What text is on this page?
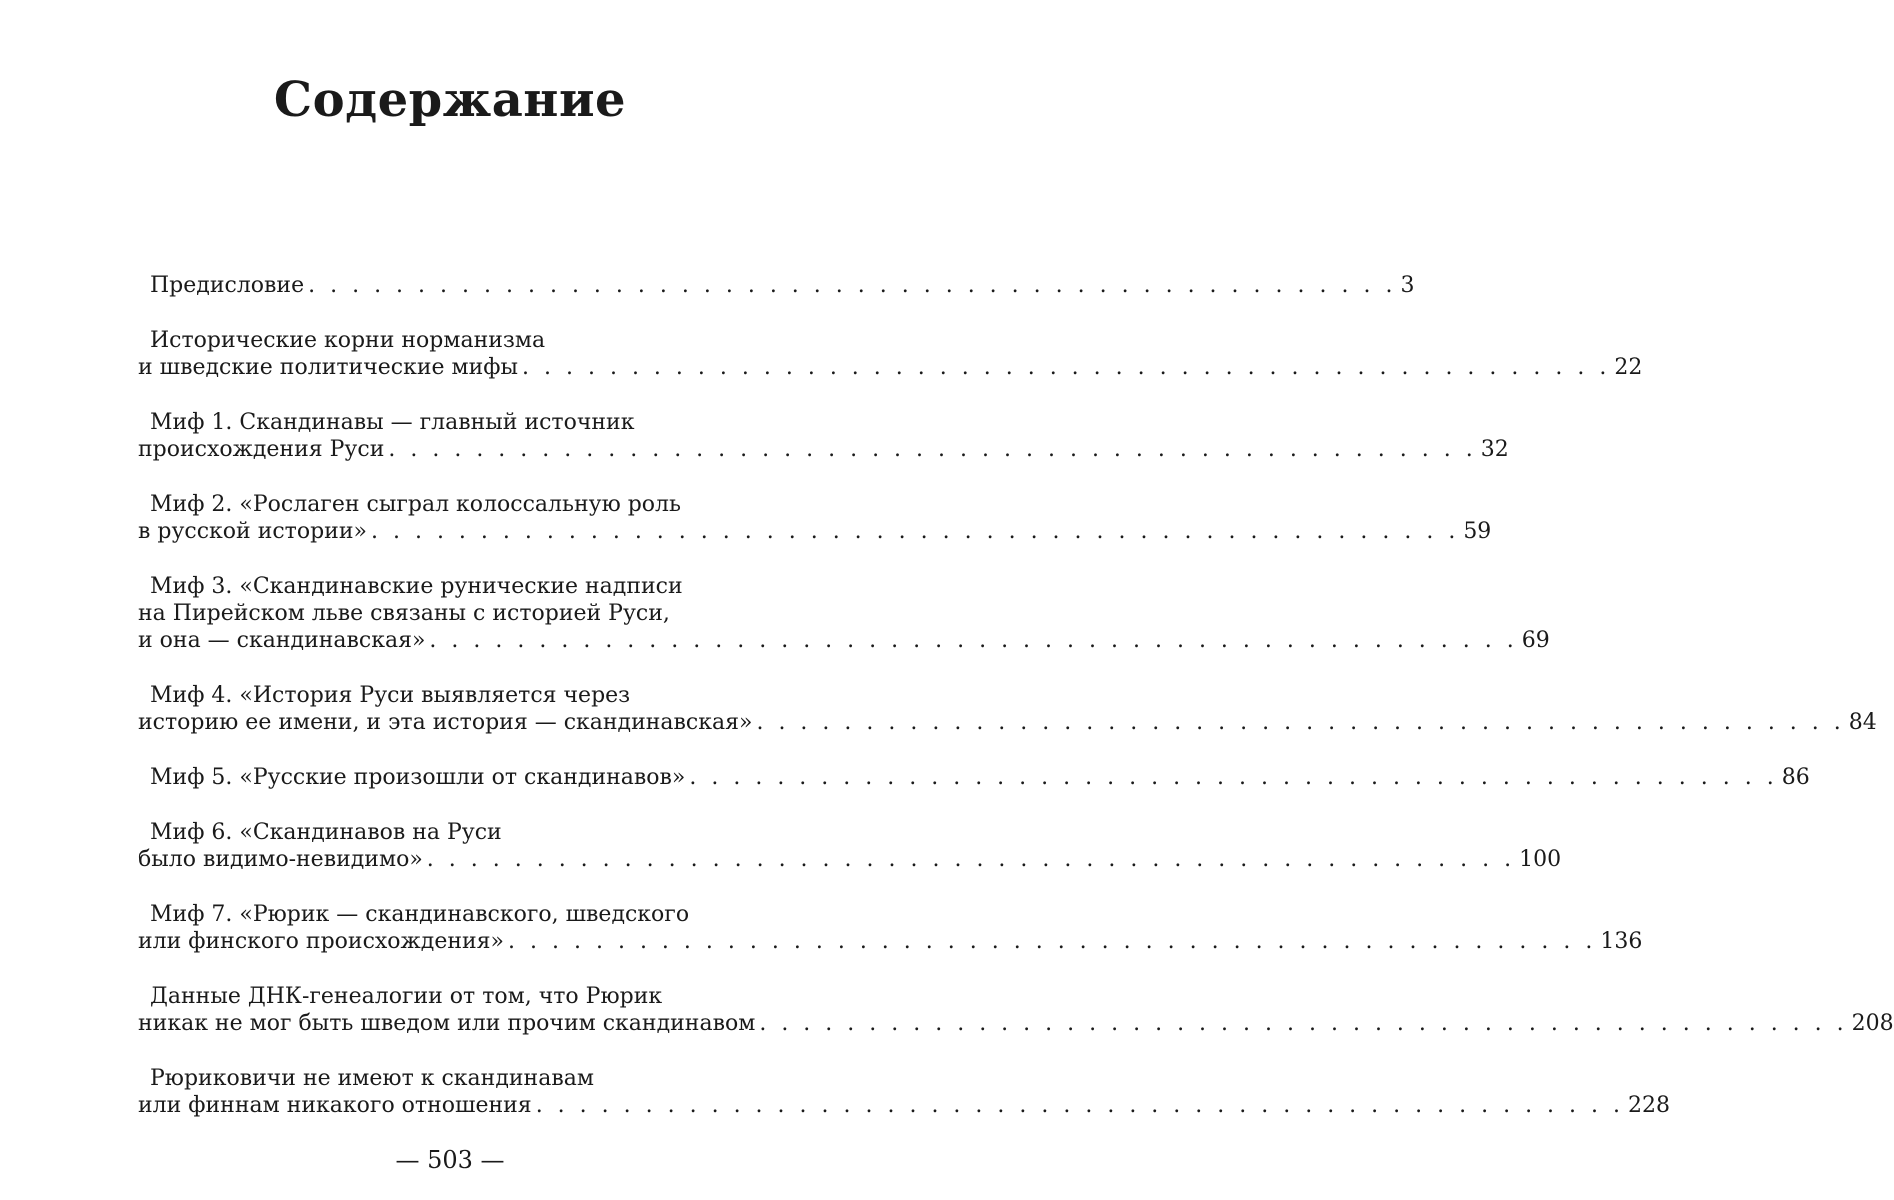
Содержание
Предисловие . . . . . . . . . . . . . . . . . . . . . . . . . . . . . . . . . . . . . . . . . . . . . . . . . . 3
Исторические корни норманизма
и шведские политические мифы . . . . . . . . . . . . . . . . . . . . . . . . . . . . . . . . . . . . . . . . . . . . . . . . . . 22
Миф 1. Скандинавы — главный источник
происхождения Руси . . . . . . . . . . . . . . . . . . . . . . . . . . . . . . . . . . . . . . . . . . . . . . . . . . 32
Миф 2. «Рослаген сыграл колоссальную роль
в русской истории» . . . . . . . . . . . . . . . . . . . . . . . . . . . . . . . . . . . . . . . . . . . . . . . . . . 59
Миф 3. «Скандинавские рунические надписи
на Пирейском льве связаны с историей Руси,
и она — скандинавская» . . . . . . . . . . . . . . . . . . . . . . . . . . . . . . . . . . . . . . . . . . . . . . . . . . 69
Миф 4. «История Руси выявляется через
историю ее имени, и эта история — скандинавская» . . . . . . . . . . . . . . . . . . . . . . . . . . . . . . . . . . . . . . . . . . . . . . . . . . 84
Миф 5. «Русские произошли от скандинавов» . . . . . . . . . . . . . . . . . . . . . . . . . . . . . . . . . . . . . . . . . . . . . . . . . . 86
Миф 6. «Скандинавов на Руси
было видимо-невидимо» . . . . . . . . . . . . . . . . . . . . . . . . . . . . . . . . . . . . . . . . . . . . . . . . . . 100
Миф 7. «Рюрик — скандинавского, шведского
или финского происхождения» . . . . . . . . . . . . . . . . . . . . . . . . . . . . . . . . . . . . . . . . . . . . . . . . . . 136
Данные ДНК-генеалогии от том, что Рюрик
никак не мог быть шведом или прочим скандинавом . . . . . . . . . . . . . . . . . . . . . . . . . . . . . . . . . . . . . . . . . . . . . . . . . . 208
Рюриковичи не имеют к скандинавам
или финнам никакого отношения . . . . . . . . . . . . . . . . . . . . . . . . . . . . . . . . . . . . . . . . . . . . . . . . . . 228
— 503 —
